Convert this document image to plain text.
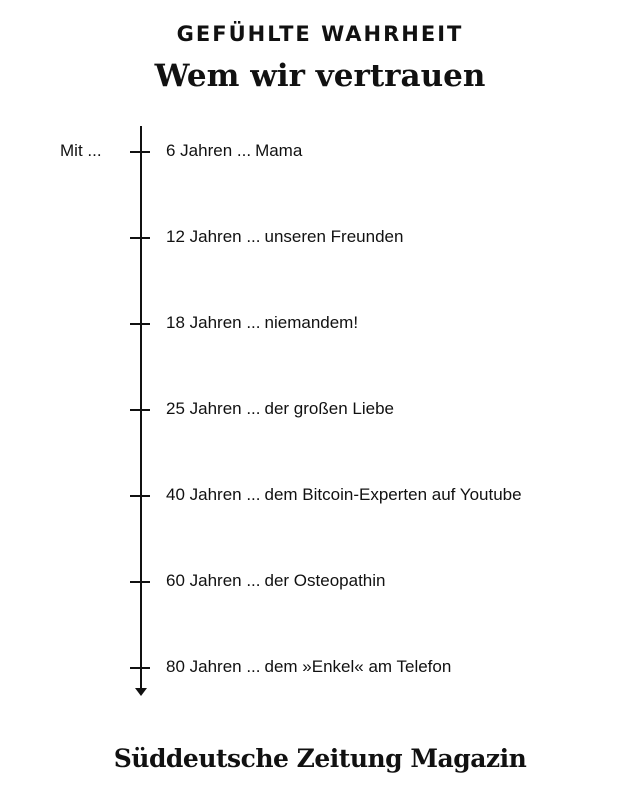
GEFÜHLTE WAHRHEIT
Wem wir vertrauen
Mit ...	6 Jahren ... Mama
12 Jahren ... unseren Freunden
18 Jahren ... niemandem!
25 Jahren ... der großen Liebe
40 Jahren ... dem Bitcoin-Experten auf Youtube
60 Jahren ... der Osteopathin
80 Jahren ... dem »Enkel« am Telefon
Süddeutsche Zeitung Magazin
